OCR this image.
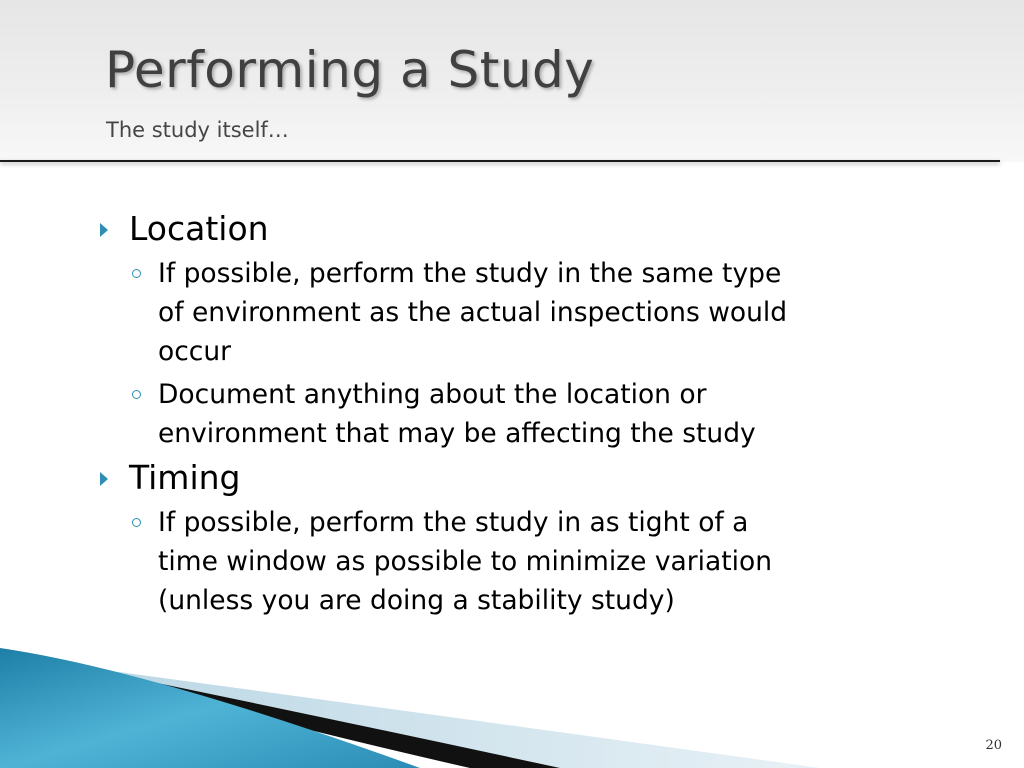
Performing a Study
The study itself…
Location
If possible, perform the study in the same type
of environment as the actual inspections would
occur
Document anything about the location or
environment that may be affecting the study
Timing
If possible, perform the study in as tight of a
time window as possible to minimize variation
(unless you are doing a stability study)
20
